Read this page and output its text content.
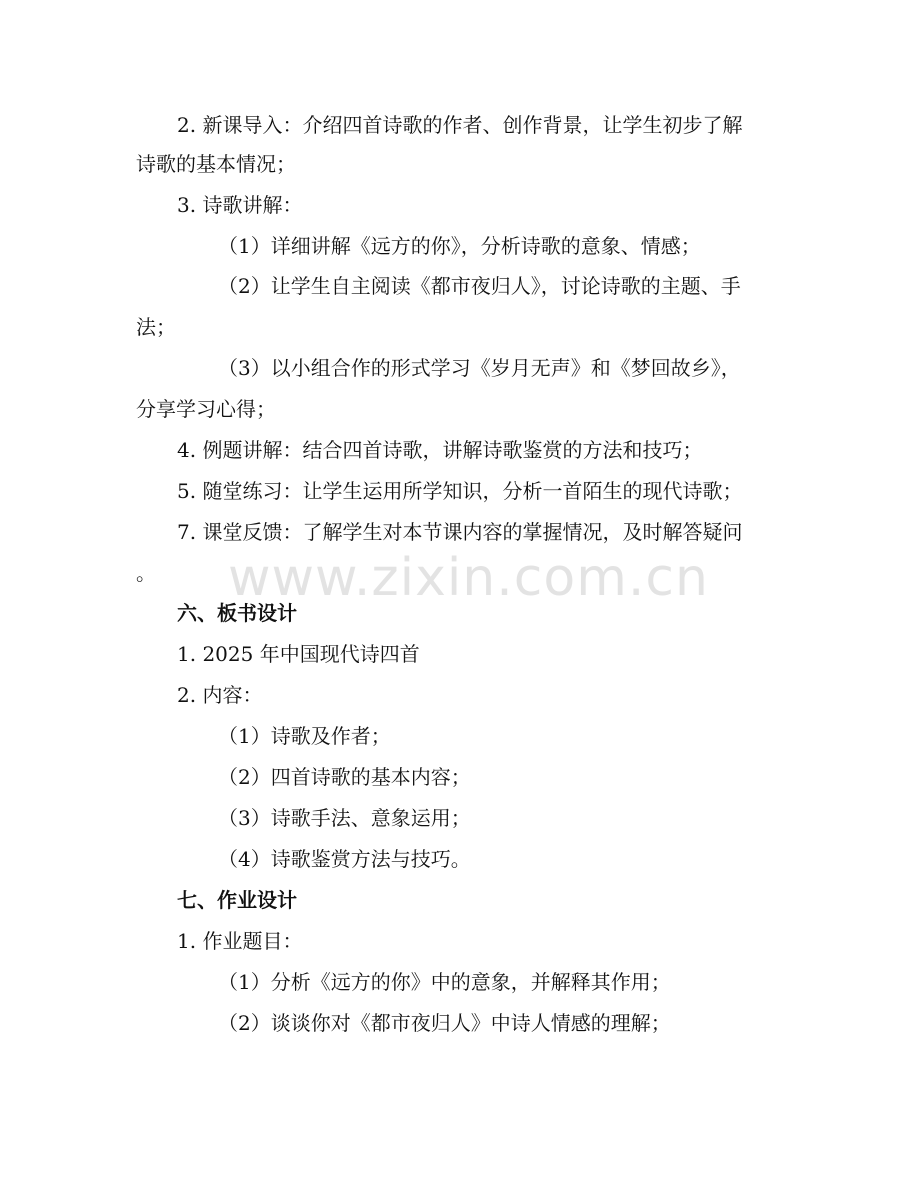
www.zixin.com.cn
2. 新课导入：介绍四首诗歌的作者、创作背景，让学生初步了解
诗歌的基本情况；
3. 诗歌讲解：
（1）详细讲解《远方的你》，分析诗歌的意象、情感；
（2）让学生自主阅读《都市夜归人》，讨论诗歌的主题、手
法；
（3）以小组合作的形式学习《岁月无声》和《梦回故乡》，
分享学习心得；
4. 例题讲解：结合四首诗歌，讲解诗歌鉴赏的方法和技巧；
5. 随堂练习：让学生运用所学知识，分析一首陌生的现代诗歌；
7. 课堂反馈：了解学生对本节课内容的掌握情况，及时解答疑问
。
六、板书设计
1. 2025 年中国现代诗四首
2. 内容：
（1）诗歌及作者；
（2）四首诗歌的基本内容；
（3）诗歌手法、意象运用；
（4）诗歌鉴赏方法与技巧。
七、作业设计
1. 作业题目：
（1）分析《远方的你》中的意象，并解释其作用；
（2）谈谈你对《都市夜归人》中诗人情感的理解；
